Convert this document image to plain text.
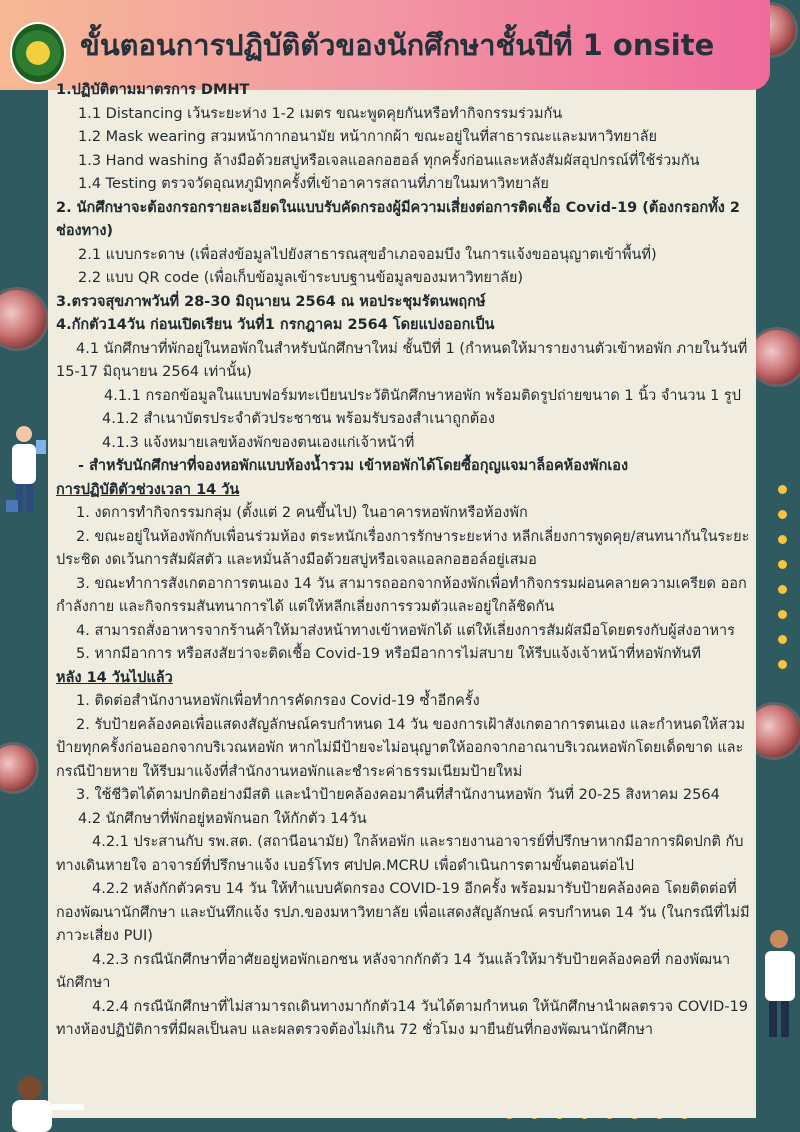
ขั้นตอนการปฏิบัติตัวของนักศึกษาชั้นปีที่ 1 onsite

1.ปฏิบัติตามมาตรการ DMHT

1.1 Distancing เว้นระยะห่าง 1-2 เมตร ขณะพูดคุยกันหรือทำกิจกรรมร่วมกัน

1.2 Mask wearing สวมหน้ากากอนามัย หน้ากากผ้า ขณะอยู่ในที่สาธารณะและมหาวิทยาลัย

1.3 Hand washing ล้างมือด้วยสบู่หรือเจลแอลกอฮอล์ ทุกครั้งก่อนและหลังสัมผัสอุปกรณ์ที่ใช้ร่วมกัน

1.4 Testing ตรวจวัดอุณหภูมิทุกครั้งที่เข้าอาคารสถานที่ภายในมหาวิทยาลัย

2. นักศึกษาจะต้องกรอกรายละเอียดในแบบรับคัดกรองผู้มีความเสี่ยงต่อการติดเชื้อ Covid-19 (ต้องกรอกทั้ง 2 ช่องทาง)

2.1 แบบกระดาษ (เพื่อส่งข้อมูลไปยังสาธารณสุขอำเภอจอมบึง ในการแจ้งขออนุญาตเข้าพื้นที่)

2.2 แบบ QR code (เพื่อเก็บข้อมูลเข้าระบบฐานข้อมูลของมหาวิทยาลัย)

3.ตรวจสุขภาพวันที่ 28-30 มิถุนายน 2564 ณ หอประชุมรัตนพฤกษ์

4.กักตัว14วัน ก่อนเปิดเรียน วันที่1 กรกฎาคม 2564 โดยแบ่งออกเป็น

4.1 นักศึกษาที่พักอยู่ในหอพักในสำหรับนักศึกษาใหม่ ชั้นปีที่ 1 (กำหนดให้มารายงานตัวเข้าหอพัก ภายในวันที่ 15-17 มิถุนายน 2564 เท่านั้น)

4.1.1 กรอกข้อมูลในแบบฟอร์มทะเบียนประวัตินักศึกษาหอพัก พร้อมติดรูปถ่ายขนาด 1 นิ้ว จำนวน 1 รูป

4.1.2 สำเนาบัตรประจำตัวประชาชน พร้อมรับรองสำเนาถูกต้อง

4.1.3 แจ้งหมายเลขห้องพักของตนเองแก่เจ้าหน้าที่

- สำหรับนักศึกษาที่จองหอพักแบบห้องน้ำรวม เข้าหอพักได้โดยซื้อกุญแจมาล็อคห้องพักเอง

การปฏิบัติตัวช่วงเวลา 14 วัน

1. งดการทำกิจกรรมกลุ่ม (ตั้งแต่ 2 คนขึ้นไป) ในอาคารหอพักหรือห้องพัก

2. ขณะอยู่ในห้องพักกับเพื่อนร่วมห้อง ตระหนักเรื่องการรักษาระยะห่าง หลีกเลี่ยงการพูดคุย/สนทนากันในระยะประชิด งดเว้นการสัมผัสตัว และหมั่นล้างมือด้วยสบู่หรือเจลแอลกอฮอล์อยู่เสมอ

3. ขณะทำการสังเกตอาการตนเอง 14 วัน สามารถออกจากห้องพักเพื่อทำกิจกรรมผ่อนคลายความเครียด ออกกำลังกาย และกิจกรรมสันทนาการได้ แต่ให้หลีกเลี่ยงการรวมตัวและอยู่ใกล้ชิดกัน

4. สามารถสั่งอาหารจากร้านค้าให้มาส่งหน้าทางเข้าหอพักได้ แต่ให้เลี่ยงการสัมผัสมือโดยตรงกับผู้ส่งอาหาร

5. หากมีอาการ หรือสงสัยว่าจะติดเชื้อ Covid-19 หรือมีอาการไม่สบาย ให้รีบแจ้งเจ้าหน้าที่หอพักทันที

หลัง 14 วันไปแล้ว

1. ติดต่อสำนักงานหอพักเพื่อทำการคัดกรอง Covid-19 ซ้ำอีกครั้ง

2. รับป้ายคล้องคอเพื่อแสดงสัญลักษณ์ครบกำหนด 14 วัน ของการเฝ้าสังเกตอาการตนเอง และกำหนดให้สวมป้ายทุกครั้งก่อนออกจากบริเวณหอพัก หากไม่มีป้ายจะไม่อนุญาตให้ออกจากอาณาบริเวณหอพักโดยเด็ดขาด และกรณีป้ายหาย ให้รีบมาแจ้งที่สำนักงานหอพักและชำระค่าธรรมเนียมป้ายใหม่

3. ใช้ชีวิตได้ตามปกติอย่างมีสติ และนำป้ายคล้องคอมาคืนที่สำนักงานหอพัก วันที่ 20-25 สิงหาคม 2564

4.2 นักศึกษาที่พักอยู่หอพักนอก ให้กักตัว 14วัน

4.2.1 ประสานกับ รพ.สต. (สถานีอนามัย) ใกล้หอพัก และรายงานอาจารย์ที่ปรึกษาหากมีอาการผิดปกติ กับทางเดินหายใจ อาจารย์ที่ปรึกษาแจ้ง เบอร์โทร ศปปค.MCRU เพื่อดำเนินการตามขั้นตอนต่อไป

4.2.2 หลังกักตัวครบ 14 วัน ให้ทำแบบคัดกรอง COVID-19 อีกครั้ง พร้อมมารับป้ายคล้องคอ โดยติดต่อที่กองพัฒนานักศึกษา และบันทึกแจ้ง รปภ.ของมหาวิทยาลัย เพื่อแสดงสัญลักษณ์ ครบกำหนด 14 วัน (ในกรณีที่ไม่มีภาวะเสี่ยง PUI)

4.2.3 กรณีนักศึกษาที่อาศัยอยู่หอพักเอกชน หลังจากกักตัว 14 วันแล้วให้มารับป้ายคล้องคอที่ กองพัฒนานักศึกษา

4.2.4 กรณีนักศึกษาที่ไม่สามารถเดินทางมากักตัว14 วันได้ตามกำหนด ให้นักศึกษานำผลตรวจ COVID-19 ทางห้องปฏิบัติการที่มีผลเป็นลบ และผลตรวจต้องไม่เกิน 72 ชั่วโมง มายืนยันที่กองพัฒนานักศึกษา
